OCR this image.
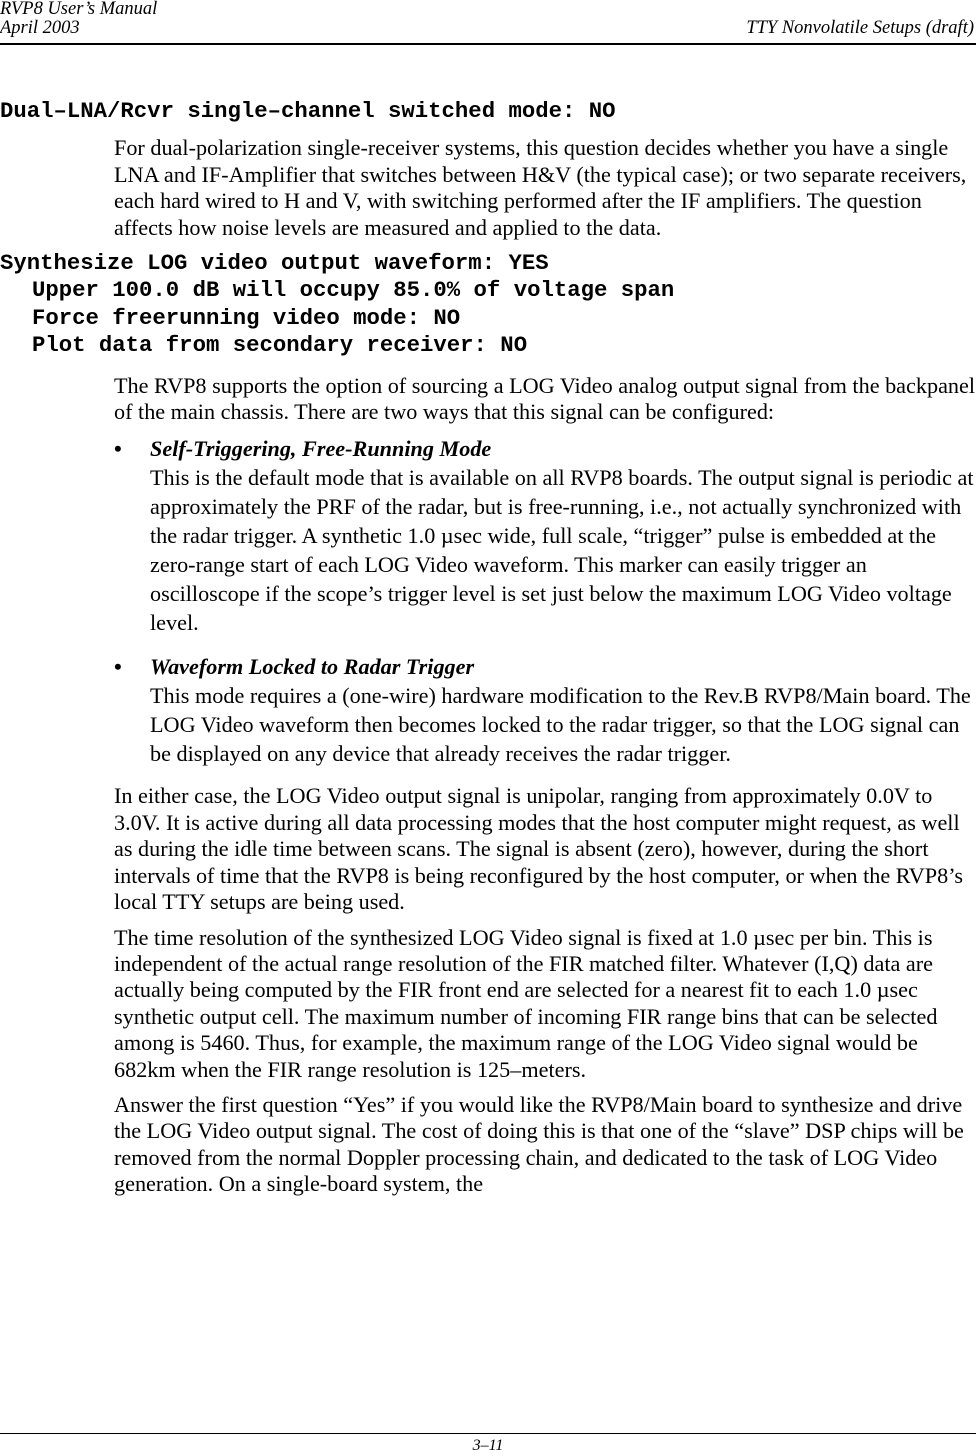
RVP8 User’s Manual
April 2003	TTY Nonvolatile Setups (draft)
Dual–LNA/Rcvr single–channel switched mode: NO

For dual-polarization single-receiver systems, this question decides whether you have a single LNA and IF-Amplifier that switches between H&V (the typical case); or two separate receivers, each hard wired to H and V, with switching performed after the IF amplifiers. The question affects how noise levels are measured and applied to the data.

Synthesize LOG video output waveform: YES
Upper 100.0 dB will occupy 85.0% of voltage span
Force freerunning video mode: NO
Plot data from secondary receiver: NO

The RVP8 supports the option of sourcing a LOG Video analog output signal from the backpanel of the main chassis. There are two ways that this signal can be configured:

• Self-Triggering, Free-Running Mode
This is the default mode that is available on all RVP8 boards. The output signal is periodic at approximately the PRF of the radar, but is free-running, i.e., not actually synchronized with the radar trigger. A synthetic 1.0 µsec wide, full scale, “trigger” pulse is embedded at the zero-range start of each LOG Video waveform. This marker can easily trigger an oscilloscope if the scope’s trigger level is set just below the maximum LOG Video voltage level.
• Waveform Locked to Radar Trigger
This mode requires a (one-wire) hardware modification to the Rev.B RVP8/Main board. The LOG Video waveform then becomes locked to the radar trigger, so that the LOG signal can be displayed on any device that already receives the radar trigger.

In either case, the LOG Video output signal is unipolar, ranging from approximately 0.0V to 3.0V. It is active during all data processing modes that the host computer might request, as well as during the idle time between scans. The signal is absent (zero), however, during the short intervals of time that the RVP8 is being reconfigured by the host computer, or when the RVP8’s local TTY setups are being used.

The time resolution of the synthesized LOG Video signal is fixed at 1.0 µsec per bin. This is independent of the actual range resolution of the FIR matched filter. Whatever (I,Q) data are actually being computed by the FIR front end are selected for a nearest fit to each 1.0 µsec synthetic output cell. The maximum number of incoming FIR range bins that can be selected among is 5460. Thus, for example, the maximum range of the LOG Video signal would be 682km when the FIR range resolution is 125–meters.

Answer the first question “Yes” if you would like the RVP8/Main board to synthesize and drive the LOG Video output signal. The cost of doing this is that one of the “slave” DSP chips will be removed from the normal Doppler processing chain, and dedicated to the task of LOG Video generation. On a single-board system, the

3–11
